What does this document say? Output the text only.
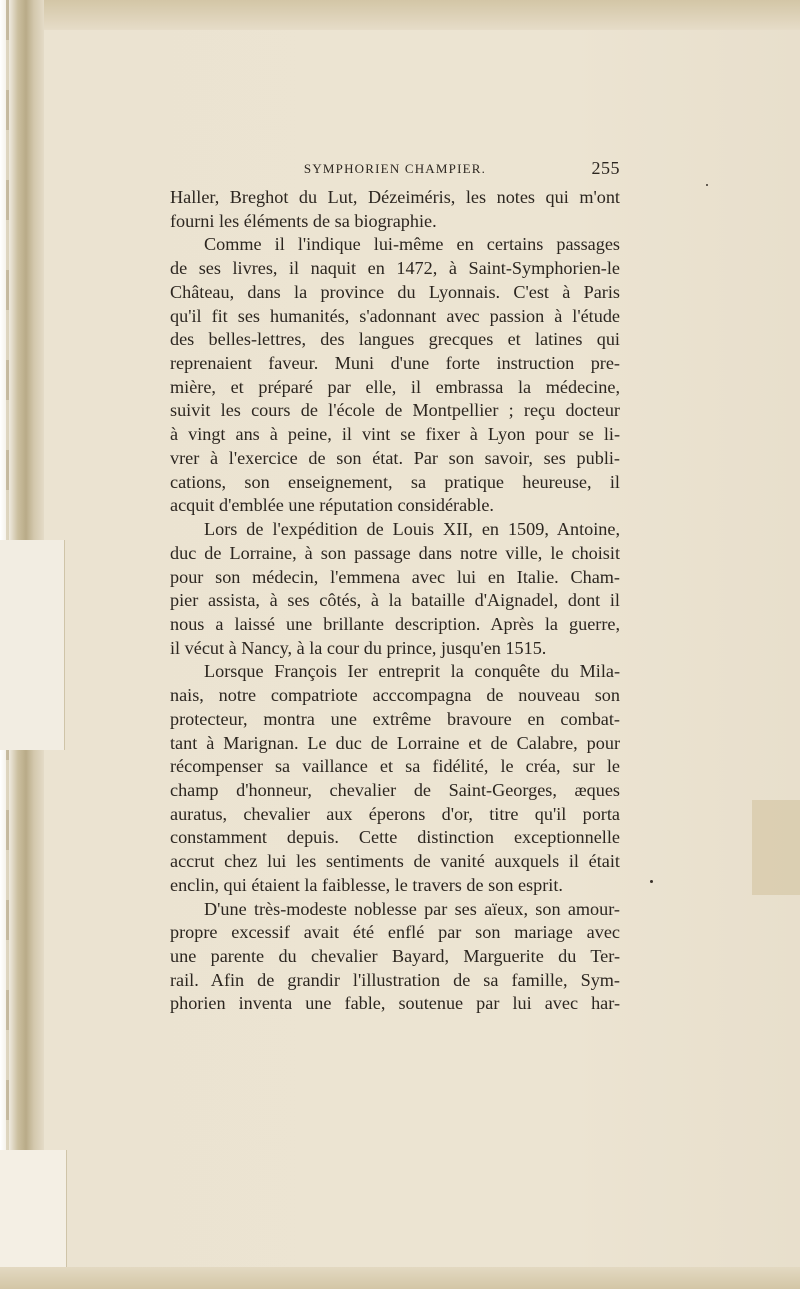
SYMPHORIEN CHAMPIER.	255
Haller, Breghot du Lut, Dézeiméris, les notes qui m'ont
fourni les éléments de sa biographie.
Comme il l'indique lui-même en certains passages
de ses livres, il naquit en 1472, à Saint-Symphorien-le
Château, dans la province du Lyonnais. C'est à Paris
qu'il fit ses humanités, s'adonnant avec passion à l'étude
des belles-lettres, des langues grecques et latines qui
reprenaient faveur. Muni d'une forte instruction pre-
mière, et préparé par elle, il embrassa la médecine,
suivit les cours de l'école de Montpellier ; reçu docteur
à vingt ans à peine, il vint se fixer à Lyon pour se li-
vrer à l'exercice de son état. Par son savoir, ses publi-
cations, son enseignement, sa pratique heureuse, il
acquit d'emblée une réputation considérable.
Lors de l'expédition de Louis XII, en 1509, Antoine,
duc de Lorraine, à son passage dans notre ville, le choisit
pour son médecin, l'emmena avec lui en Italie. Cham-
pier assista, à ses côtés, à la bataille d'Aignadel, dont il
nous a laissé une brillante description. Après la guerre,
il vécut à Nancy, à la cour du prince, jusqu'en 1515.
Lorsque François Ier entreprit la conquête du Mila-
nais, notre compatriote acccompagna de nouveau son
protecteur, montra une extrême bravoure en combat-
tant à Marignan. Le duc de Lorraine et de Calabre, pour
récompenser sa vaillance et sa fidélité, le créa, sur le
champ d'honneur, chevalier de Saint-Georges, æques
auratus, chevalier aux éperons d'or, titre qu'il porta
constamment depuis. Cette distinction exceptionnelle
accrut chez lui les sentiments de vanité auxquels il était
enclin, qui étaient la faiblesse, le travers de son esprit.
D'une très-modeste noblesse par ses aïeux, son amour-
propre excessif avait été enflé par son mariage avec
une parente du chevalier Bayard, Marguerite du Ter-
rail. Afin de grandir l'illustration de sa famille, Sym-
phorien inventa une fable, soutenue par lui avec har-
